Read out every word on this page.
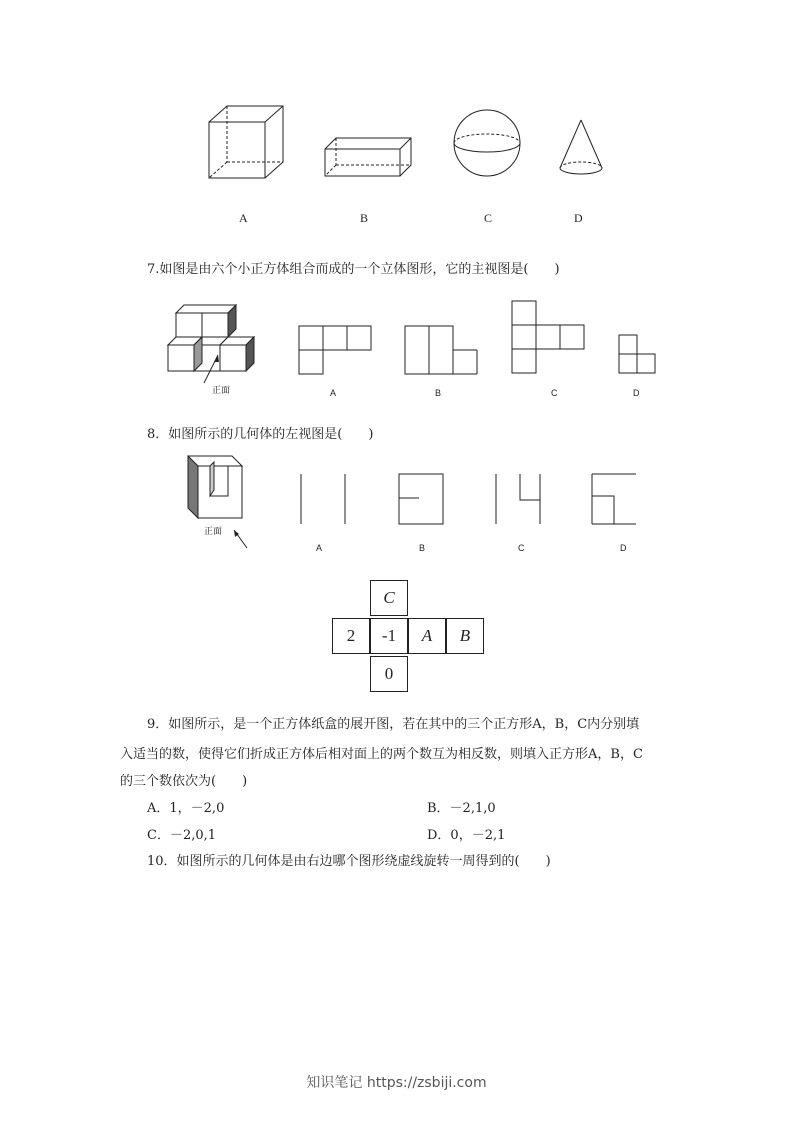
A	B	C	D
7.如图是由六个小正方体组合而成的一个立体图形，它的主视图是(　　)
正面	A	B	C	D
8．如图所示的几何体的左视图是(　　)
正面
A	B	C	D
C
2	-1	A	B
0
9．如图所示，是一个正方体纸盒的展开图，若在其中的三个正方形A，B，C内分别填
入适当的数，使得它们折成正方体后相对面上的两个数互为相反数，则填入正方形A，B，C
的三个数依次为(　　)
A．1，－2,0	B．－2,1,0
C．－2,0,1	D．0，－2,1
10．如图所示的几何体是由右边哪个图形绕虚线旋转一周得到的(　　)
知识笔记 https://zsbiji.com
